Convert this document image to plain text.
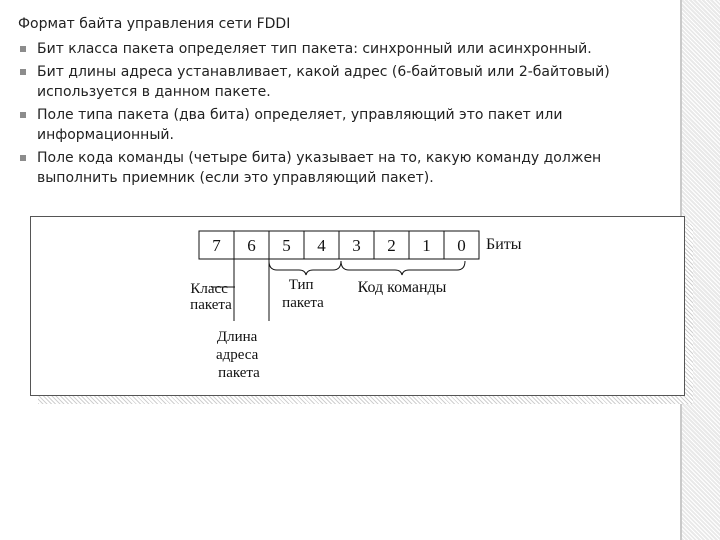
Формат байта управления сети FDDI
Бит класса пакета определяет тип пакета: синхронный или асинхронный.
Бит длины адреса устанавливает, какой адрес (6-байтовый или 2-байтовый)
используется в данном пакете.
Поле типа пакета (два бита) определяет, управляющий это пакет или
информационный.
Поле кода команды (четыре бита) указывает на то, какую команду должен
выполнить приемник (если это управляющий пакет).
7 6 5 4 3 2 1 0 Биты
Класс пакета
Длина адреса пакета
Тип пакета
Код команды
